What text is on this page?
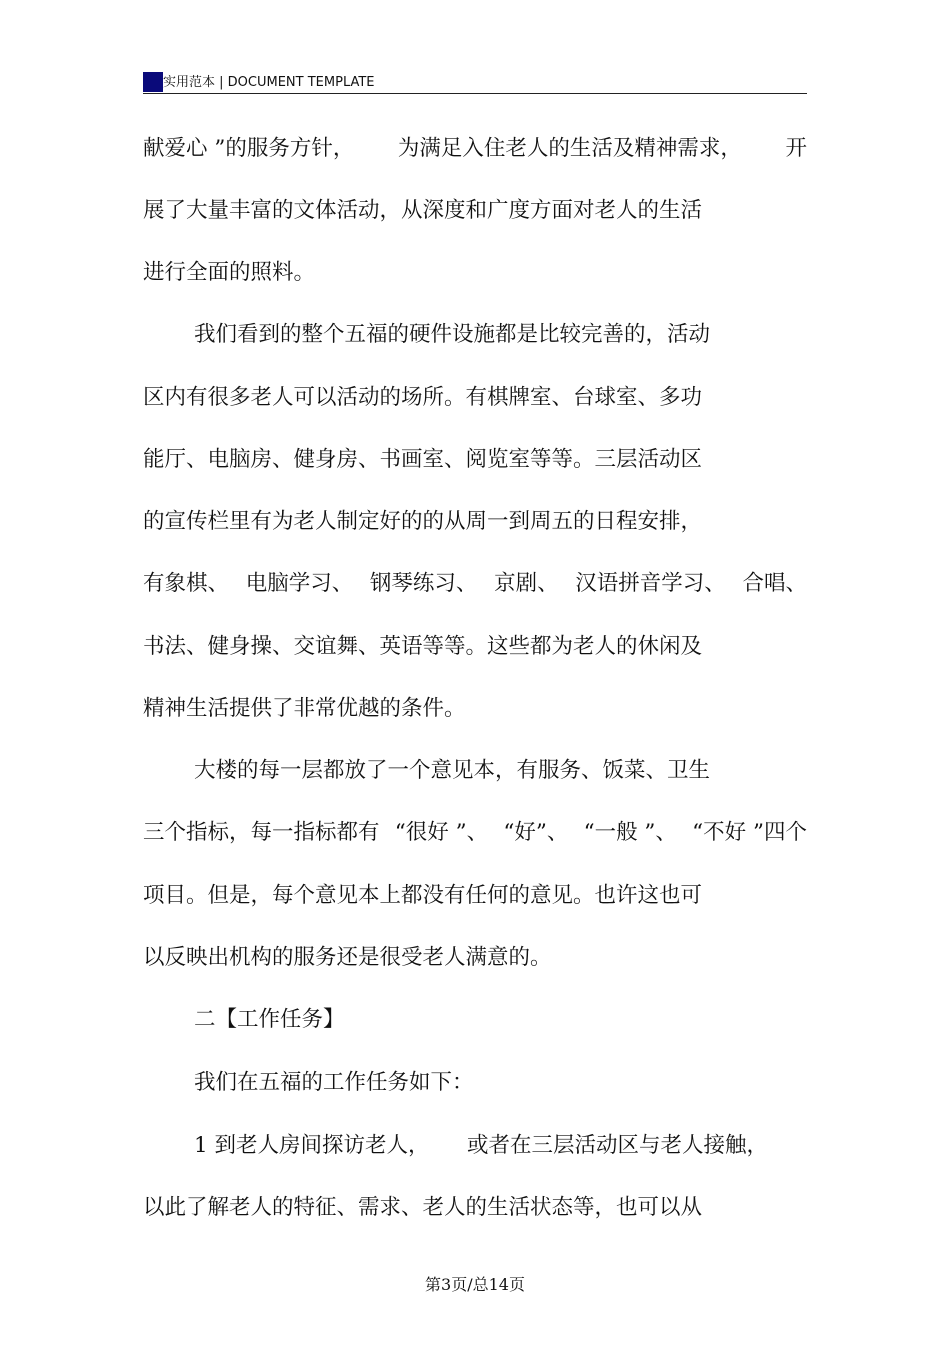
实用范本 | DOCUMENT TEMPLATE
献爱心 ”的服务方针， 为满足入住老人的生活及精神需求， 开
展了大量丰富的文体活动，从深度和广度方面对老人的生活
进行全面的照料。
我们看到的整个五福的硬件设施都是比较完善的，活动
区内有很多老人可以活动的场所。有棋牌室、台球室、多功
能厅、电脑房、健身房、书画室、阅览室等等。三层活动区
的宣传栏里有为老人制定好的的从周一到周五的日程安排，
有象棋、 电脑学习、 钢琴练习、 京剧、 汉语拼音学习、 合唱、
书法、健身操、交谊舞、英语等等。这些都为老人的休闲及
精神生活提供了非常优越的条件。
大楼的每一层都放了一个意见本，有服务、饭菜、卫生
三个指标，每一指标都有 “很好 ”、 “好”、 “一般 ”、 “不好 ”四个
项目。但是，每个意见本上都没有任何的意见。也许这也可
以反映出机构的服务还是很受老人满意的。
二【工作任务】
我们在五福的工作任务如下：
1 到老人房间探访老人， 或者在三层活动区与老人接触，
以此了解老人的特征、需求、老人的生活状态等，也可以从
第3页/总14页
